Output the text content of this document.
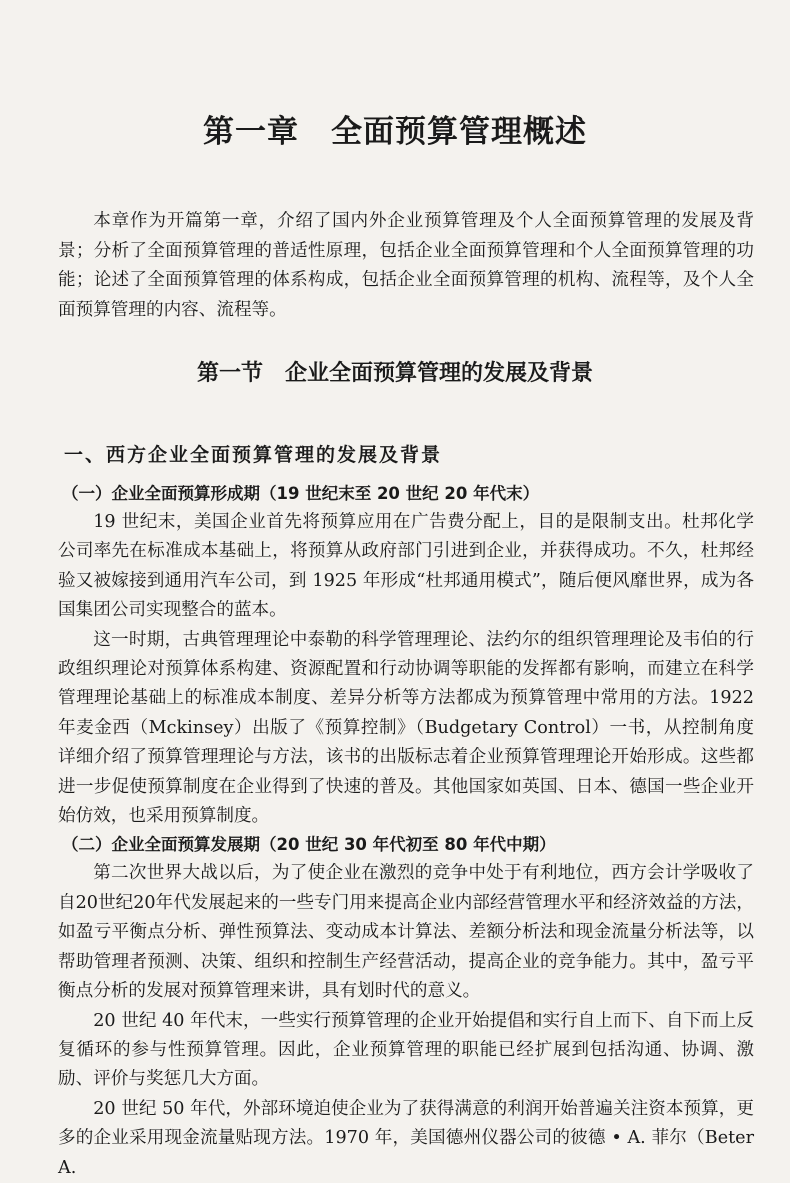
第一章　全面预算管理概述

本章作为开篇第一章，介绍了国内外企业预算管理及个人全面预算管理的发展及背景；分析了全面预算管理的普适性原理，包括企业全面预算管理和个人全面预算管理的功能；论述了全面预算管理的体系构成，包括企业全面预算管理的机构、流程等，及个人全面预算管理的内容、流程等。

第一节　企业全面预算管理的发展及背景
一、西方企业全面预算管理的发展及背景
（一）企业全面预算形成期（19 世纪末至 20 世纪 20 年代末）

19 世纪末，美国企业首先将预算应用在广告费分配上，目的是限制支出。杜邦化学公司率先在标准成本基础上，将预算从政府部门引进到企业，并获得成功。不久，杜邦经验又被嫁接到通用汽车公司，到 1925 年形成“杜邦通用模式”，随后便风靡世界，成为各国集团公司实现整合的蓝本。

这一时期，古典管理理论中泰勒的科学管理理论、法约尔的组织管理理论及韦伯的行政组织理论对预算体系构建、资源配置和行动协调等职能的发挥都有影响，而建立在科学管理理论基础上的标准成本制度、差异分析等方法都成为预算管理中常用的方法。1922 年麦金西（Mckinsey）出版了《预算控制》（Budgetary Control）一书，从控制角度详细介绍了预算管理理论与方法，该书的出版标志着企业预算管理理论开始形成。这些都进一步促使预算制度在企业得到了快速的普及。其他国家如英国、日本、德国一些企业开始仿效，也采用预算制度。

（二）企业全面预算发展期（20 世纪 30 年代初至 80 年代中期）

第二次世界大战以后，为了使企业在激烈的竞争中处于有利地位，西方会计学吸收了自20世纪20年代发展起来的一些专门用来提高企业内部经营管理水平和经济效益的方法，如盈亏平衡点分析、弹性预算法、变动成本计算法、差额分析法和现金流量分析法等，以帮助管理者预测、决策、组织和控制生产经营活动，提高企业的竞争能力。其中，盈亏平衡点分析的发展对预算管理来讲，具有划时代的意义。

20 世纪 40 年代末，一些实行预算管理的企业开始提倡和实行自上而下、自下而上反复循环的参与性预算管理。因此，企业预算管理的职能已经扩展到包括沟通、协调、激励、评价与奖惩几大方面。

20 世纪 50 年代，外部环境迫使企业为了获得满意的利润开始普遍关注资本预算，更多的企业采用现金流量贴现方法。1970 年，美国德州仪器公司的彼德 • A. 菲尔（Beter A.
